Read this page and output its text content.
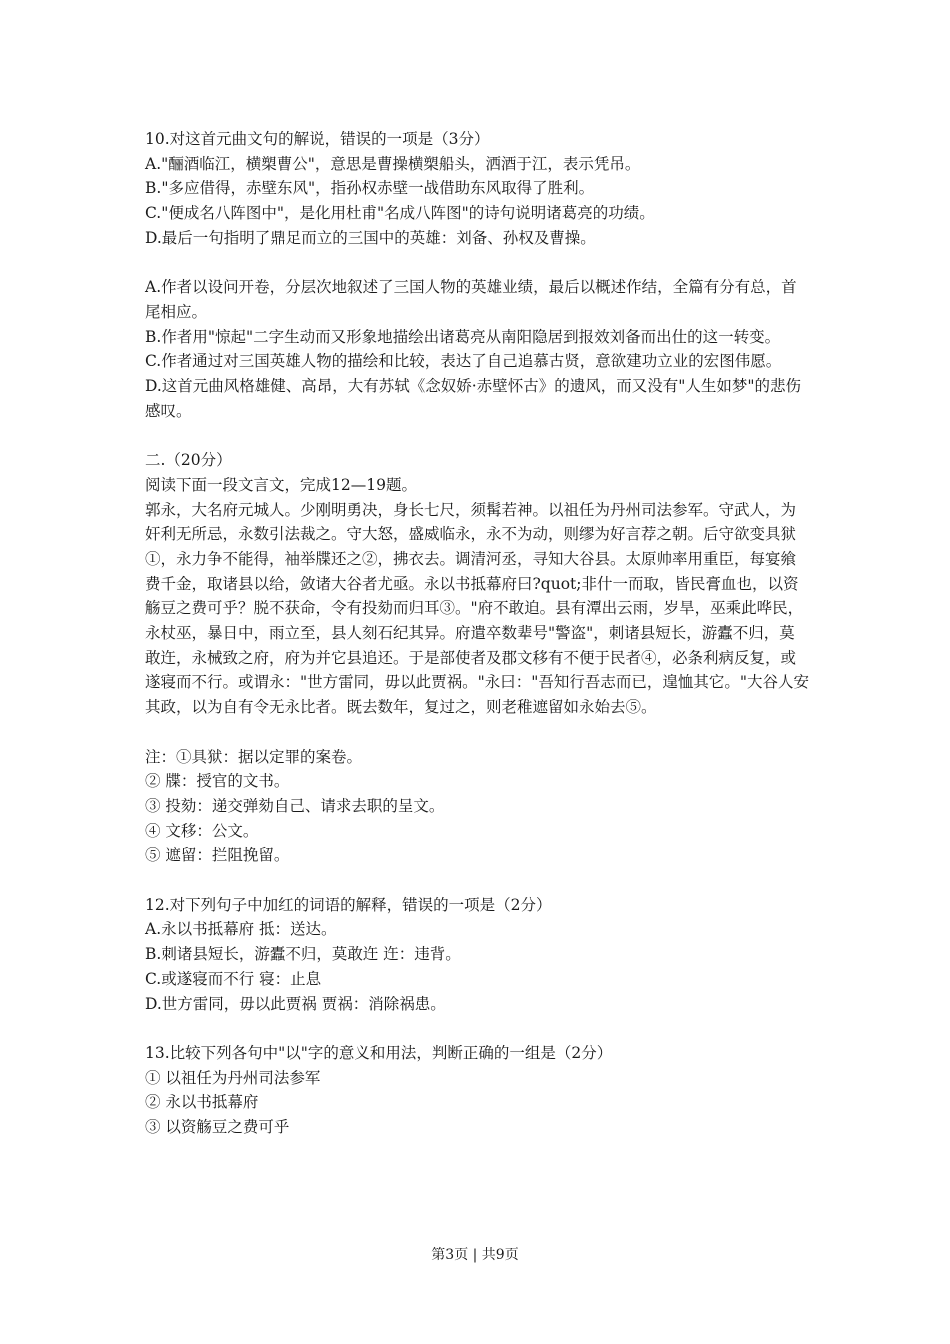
10.对这首元曲文句的解说，错误的一项是（3分）
A."酾酒临江，横槊曹公"，意思是曹操横槊船头，洒酒于江，表示凭吊。
B."多应借得，赤壁东风"，指孙权赤壁一战借助东风取得了胜利。
C."便成名八阵图中"，是化用杜甫"名成八阵图"的诗句说明诸葛亮的功绩。
D.最后一句指明了鼎足而立的三国中的英雄：刘备、孙权及曹操。
A.作者以设问开卷，分层次地叙述了三国人物的英雄业绩，最后以概述作结，全篇有分有总，首尾相应。
B.作者用"惊起"二字生动而又形象地描绘出诸葛亮从南阳隐居到报效刘备而出仕的这一转变。
C.作者通过对三国英雄人物的描绘和比较，表达了自己追慕古贤，意欲建功立业的宏图伟愿。
D.这首元曲风格雄健、高昂，大有苏轼《念奴娇·赤壁怀古》的遗风，而又没有"人生如梦"的悲伤感叹。
二.（20分）
阅读下面一段文言文，完成12—19题。
郭永，大名府元城人。少刚明勇决，身长七尺，须髯若神。以祖任为丹州司法参军。守武人，为奸利无所忌，永数引法裁之。守大怒，盛威临永，永不为动，则缪为好言荐之朝。后守欲变具狱①，永力争不能得，袖举牒还之②，拂衣去。调清河丞，寻知大谷县。太原帅率用重臣，每宴飨费千金，取诸县以给，敛诸大谷者尤亟。永以书抵幕府曰?quot;非什一而取，皆民膏血也，以资觞豆之费可乎？脱不获命，令有投劾而归耳③。"府不敢迫。县有潭出云雨，岁旱，巫乘此哗民，永杖巫，暴日中，雨立至，县人刻石纪其异。府遣卒数辈号"警盗"，刺诸县短长，游蠹不归，莫敢迕，永械致之府，府为并它县追还。于是部使者及郡文移有不便于民者④，必条利病反复，或遂寝而不行。或谓永："世方雷同，毋以此贾祸。"永曰："吾知行吾志而已，遑恤其它。"大谷人安其政，以为自有令无永比者。既去数年，复过之，则老稚遮留如永始去⑤。
注：①具狱：据以定罪的案卷。
② 牒：授官的文书。
③ 投劾：递交弹劾自己、请求去职的呈文。
④ 文移：公文。
⑤ 遮留：拦阻挽留。
12.对下列句子中加红的词语的解释，错误的一项是（2分）
A.永以书抵幕府 抵：送达。
B.刺诸县短长，游蠹不归，莫敢迕 迕：违背。
C.或遂寝而不行 寝：止息
D.世方雷同，毋以此贾祸 贾祸：消除祸患。
13.比较下列各句中"以"字的意义和用法，判断正确的一组是（2分）
① 以祖任为丹州司法参军
② 永以书抵幕府
③ 以资觞豆之费可乎
第3页 | 共9页
